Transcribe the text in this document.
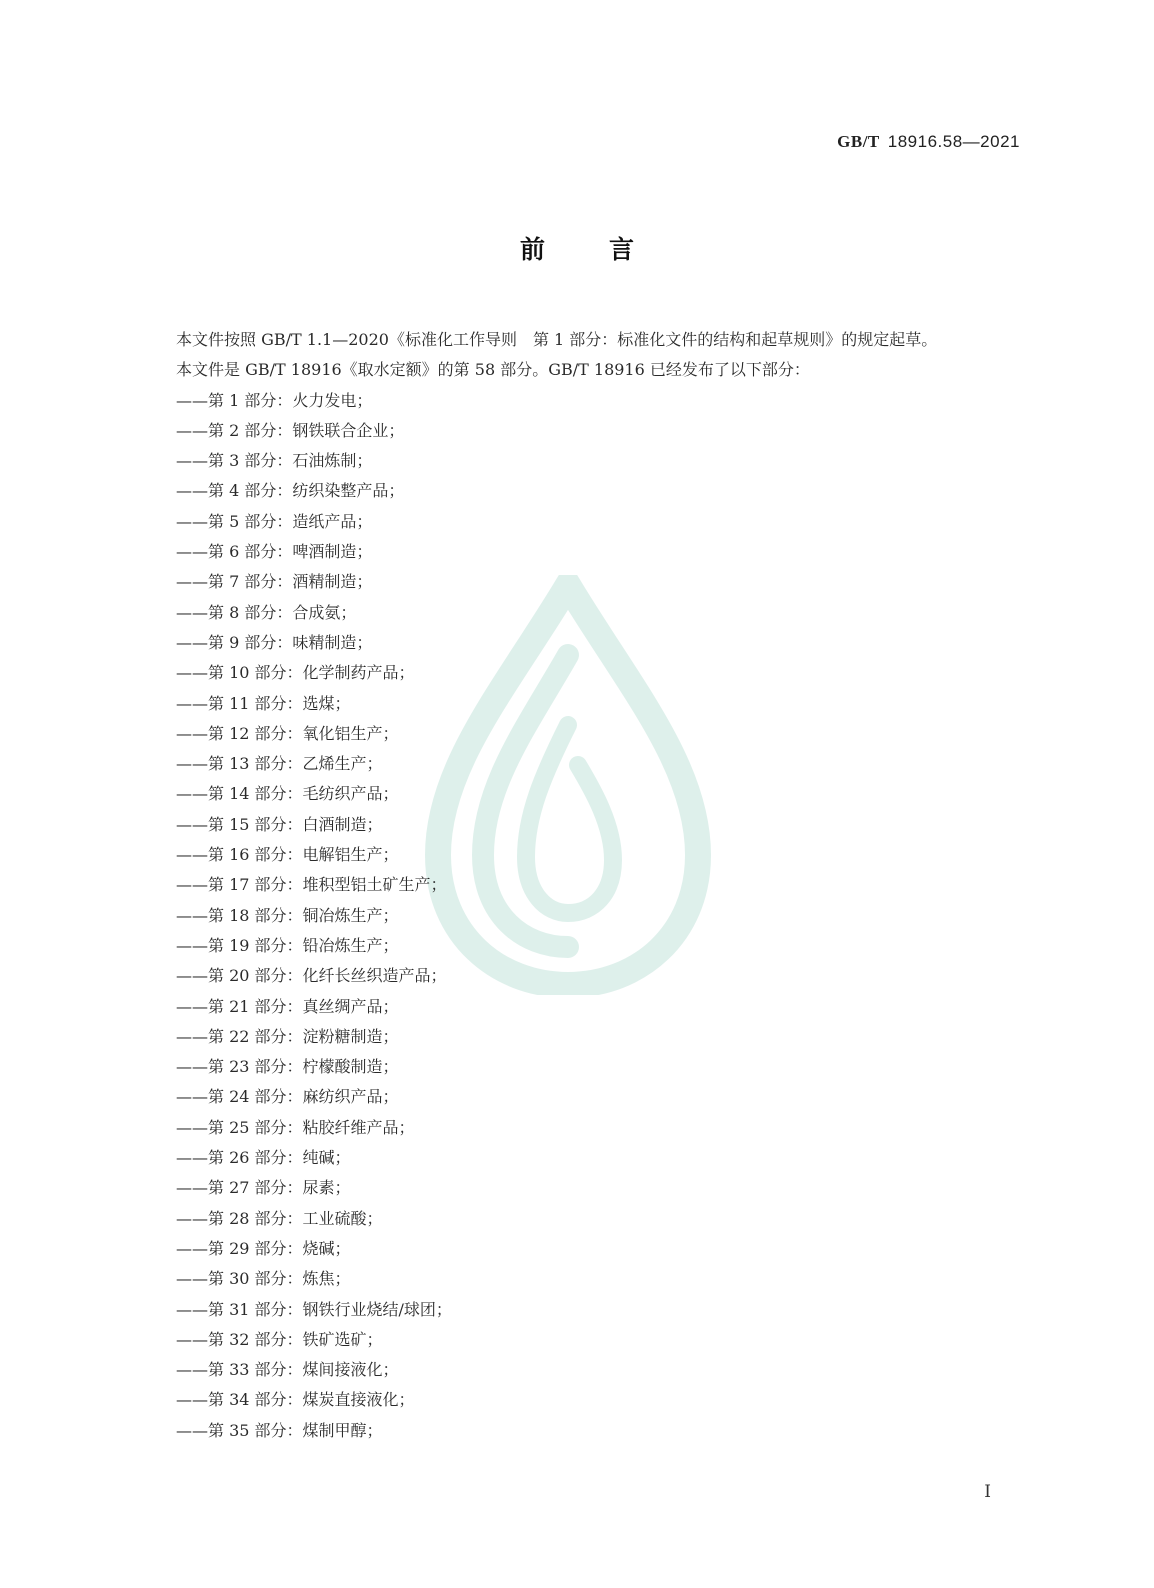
GB/T 18916.58—2021
前言

本文件按照 GB/T 1.1—2020《标准化工作导则　第 1 部分：标准化文件的结构和起草规则》的规定起草。

本文件是 GB/T 18916《取水定额》的第 58 部分。GB/T 18916 已经发布了以下部分：

——第 1 部分：火力发电；
——第 2 部分：钢铁联合企业；
——第 3 部分：石油炼制；
——第 4 部分：纺织染整产品；
——第 5 部分：造纸产品；
——第 6 部分：啤酒制造；
——第 7 部分：酒精制造；
——第 8 部分：合成氨；
——第 9 部分：味精制造；
——第 10 部分：化学制药产品；
——第 11 部分：选煤；
——第 12 部分：氧化铝生产；
——第 13 部分：乙烯生产；
——第 14 部分：毛纺织产品；
——第 15 部分：白酒制造；
——第 16 部分：电解铝生产；
——第 17 部分：堆积型铝土矿生产；
——第 18 部分：铜冶炼生产；
——第 19 部分：铅冶炼生产；
——第 20 部分：化纤长丝织造产品；
——第 21 部分：真丝绸产品；
——第 22 部分：淀粉糖制造；
——第 23 部分：柠檬酸制造；
——第 24 部分：麻纺织产品；
——第 25 部分：粘胶纤维产品；
——第 26 部分：纯碱；
——第 27 部分：尿素；
——第 28 部分：工业硫酸；
——第 29 部分：烧碱；
——第 30 部分：炼焦；
——第 31 部分：钢铁行业烧结/球团；
——第 32 部分：铁矿选矿；
——第 33 部分：煤间接液化；
——第 34 部分：煤炭直接液化；
——第 35 部分：煤制甲醇；
I
